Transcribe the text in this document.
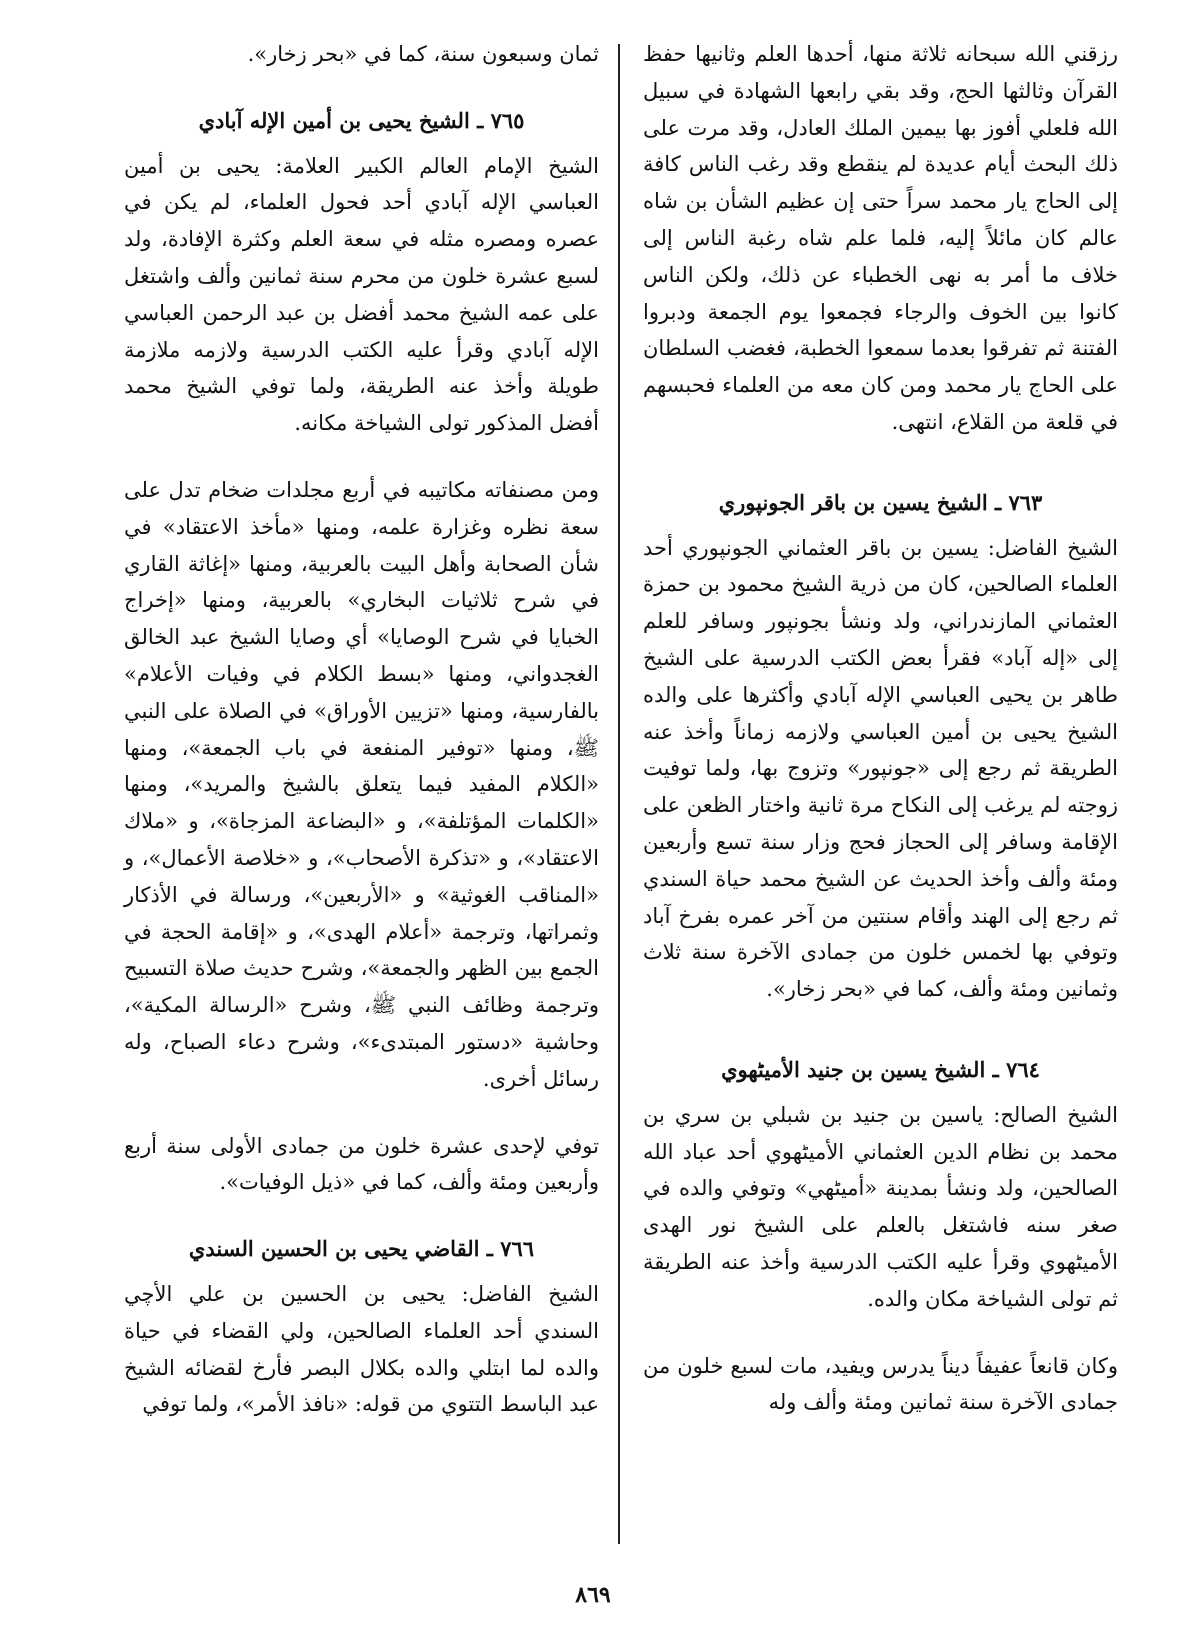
رزقني الله سبحانه ثلاثة منها، أحدها العلم وثانيها حفظ القرآن وثالثها الحج، وقد بقي رابعها الشهادة في سبيل الله فلعلي أفوز بها بيمين الملك العادل، وقد مرت على ذلك البحث أيام عديدة لم ينقطع وقد رغب الناس كافة إلى الحاج يار محمد سراً حتى إن عظيم الشأن بن شاه عالم كان مائلاً إليه، فلما علم شاه رغبة الناس إلى خلاف ما أمر به نهى الخطباء عن ذلك، ولكن الناس كانوا بين الخوف والرجاء فجمعوا يوم الجمعة ودبروا الفتنة ثم تفرقوا بعدما سمعوا الخطبة، فغضب السلطان على الحاج يار محمد ومن كان معه من العلماء فحبسهم في قلعة من القلاع، انتهى.

٧٦٣ ـ الشيخ يسين بن باقر الجونپوري

الشيخ الفاضل: يسين بن باقر العثماني الجونپوري أحد العلماء الصالحين، كان من ذرية الشيخ محمود بن حمزة العثماني المازندراني، ولد ونشأ بجونپور وسافر للعلم إلى «إله آباد» فقرأ بعض الكتب الدرسية على الشيخ طاهر بن يحيى العباسي الإله آبادي وأكثرها على والده الشيخ يحيى بن أمين العباسي ولازمه زماناً وأخذ عنه الطريقة ثم رجع إلى «جونپور» وتزوج بها، ولما توفيت زوجته لم يرغب إلى النكاح مرة ثانية واختار الظعن على الإقامة وسافر إلى الحجاز فحج وزار سنة تسع وأربعين ومئة وألف وأخذ الحديث عن الشيخ محمد حياة السندي ثم رجع إلى الهند وأقام سنتين من آخر عمره بفرخ آباد وتوفي بها لخمس خلون من جمادى الآخرة سنة ثلاث وثمانين ومئة وألف، كما في «بحر زخار».

٧٦٤ ـ الشيخ يسين بن جنيد الأميٹهوي

الشيخ الصالح: ياسين بن جنيد بن شبلي بن سري بن محمد بن نظام الدين العثماني الأميٹهوي أحد عباد الله الصالحين، ولد ونشأ بمدينة «أميٹهي» وتوفي والده في صغر سنه فاشتغل بالعلم على الشيخ نور الهدى الأميٹهوي وقرأ عليه الكتب الدرسية وأخذ عنه الطريقة ثم تولى الشياخة مكان والده.

وكان قانعاً عفيفاً ديناً يدرس ويفيد، مات لسبع خلون من جمادى الآخرة سنة ثمانين ومئة وألف وله

ثمان وسبعون سنة، كما في «بحر زخار».

٧٦٥ ـ الشيخ يحيى بن أمين الإله آبادي

الشيخ الإمام العالم الكبير العلامة: يحيى بن أمين العباسي الإله آبادي أحد فحول العلماء، لم يكن في عصره ومصره مثله في سعة العلم وكثرة الإفادة، ولد لسبع عشرة خلون من محرم سنة ثمانين وألف واشتغل على عمه الشيخ محمد أفضل بن عبد الرحمن العباسي الإله آبادي وقرأ عليه الكتب الدرسية ولازمه ملازمة طويلة وأخذ عنه الطريقة، ولما توفي الشيخ محمد أفضل المذكور تولى الشياخة مكانه.

ومن مصنفاته مكاتيبه في أربع مجلدات ضخام تدل على سعة نظره وغزارة علمه، ومنها «مأخذ الاعتقاد» في شأن الصحابة وأهل البيت بالعربية، ومنها «إغاثة القاري في شرح ثلاثيات البخاري» بالعربية، ومنها «إخراج الخبايا في شرح الوصايا» أي وصايا الشيخ عبد الخالق الغجدواني، ومنها «بسط الكلام في وفيات الأعلام» بالفارسية، ومنها «تزيين الأوراق» في الصلاة على النبي ﷺ، ومنها «توفير المنفعة في باب الجمعة»، ومنها «الكلام المفيد فيما يتعلق بالشيخ والمريد»، ومنها «الكلمات المؤتلفة»، و «البضاعة المزجاة»، و «ملاك الاعتقاد»، و «تذكرة الأصحاب»، و «خلاصة الأعمال»، و «المناقب الغوثية» و «الأربعين»، ورسالة في الأذكار وثمراتها، وترجمة «أعلام الهدى»، و «إقامة الحجة في الجمع بين الظهر والجمعة»، وشرح حديث صلاة التسبيح وترجمة وظائف النبي ﷺ، وشرح «الرسالة المكية»، وحاشية «دستور المبتدىء»، وشرح دعاء الصباح، وله رسائل أخرى.

توفي لإحدى عشرة خلون من جمادى الأولى سنة أربع وأربعين ومئة وألف، كما في «ذيل الوفيات».

٧٦٦ ـ القاضي يحيى بن الحسين السندي

الشيخ الفاضل: يحيى بن الحسين بن علي الأچي السندي أحد العلماء الصالحين، ولي القضاء في حياة والده لما ابتلي والده بكلال البصر فأرخ لقضائه الشيخ عبد الباسط التتوي من قوله: «نافذ الأمر»، ولما توفي

٨٦٩
